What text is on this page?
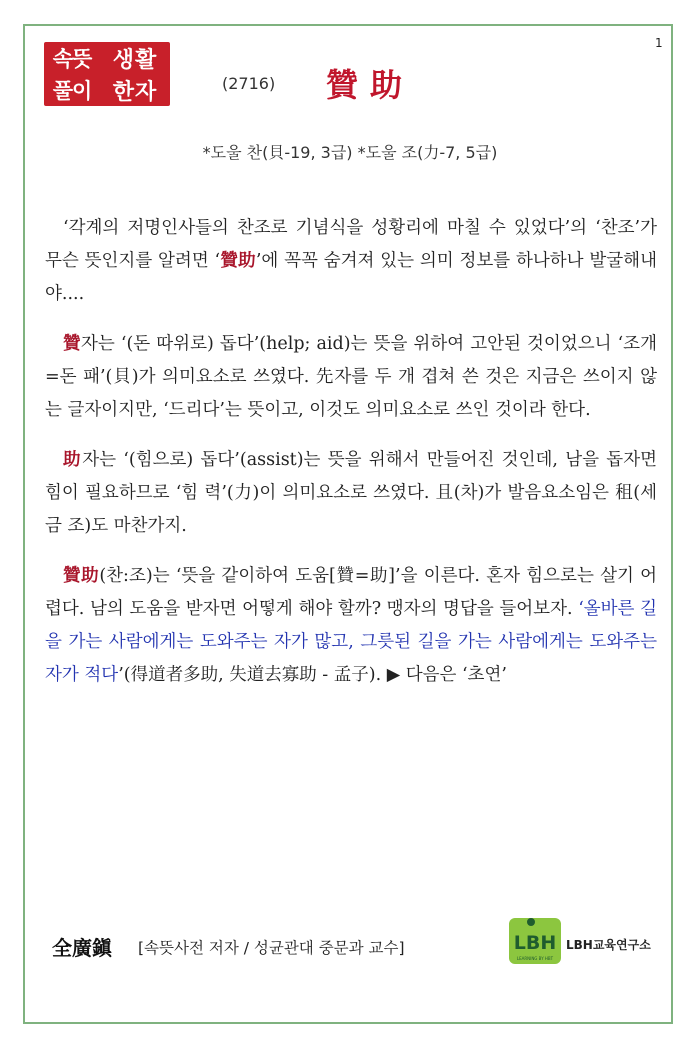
1
속뜻 생활
풀이 한자	(2716) 贊助
*도울 찬(貝-19, 3급) *도울 조(力-7, 5급)

‘각계의 저명인사들의 찬조로 기념식을 성황리에 마칠 수 있었다’의 ‘찬조’가 무슨 뜻인지를 알려면 ‘贊助’에 꼭꼭 숨겨져 있는 의미 정보를 하나하나 발굴해내야....

贊자는 ‘(돈 따위로) 돕다’(help; aid)는 뜻을 위하여 고안된 것이었으니 ‘조개=돈 패’(貝)가 의미요소로 쓰였다. 先자를 두 개 겹쳐 쓴 것은 지금은 쓰이지 않는 글자이지만, ‘드리다’는 뜻이고, 이것도 의미요소로 쓰인 것이라 한다.

助자는 ‘(힘으로) 돕다’(assist)는 뜻을 위해서 만들어진 것인데, 남을 돕자면 힘이 필요하므로 ‘힘 력’(力)이 의미요소로 쓰였다. 且(차)가 발음요소임은 租(세금 조)도 마찬가지.

贊助(찬:조)는 ‘뜻을 같이하여 도움[贊=助]’을 이른다. 혼자 힘으로는 살기 어렵다. 남의 도움을 받자면 어떻게 해야 할까? 맹자의 명답을 들어보자. ‘올바른 길을 가는 사람에게는 도와주는 자가 많고, 그릇된 길을 가는 사람에게는 도와주는 자가 적다’(得道者多助, 失道去寡助 - 孟子). ▶ 다음은 ‘초연’

全廣鎭 [속뜻사전 저자 / 성균관대 중문과 교수]	LBH
LEARNING BY HBT
LBH교육연구소
